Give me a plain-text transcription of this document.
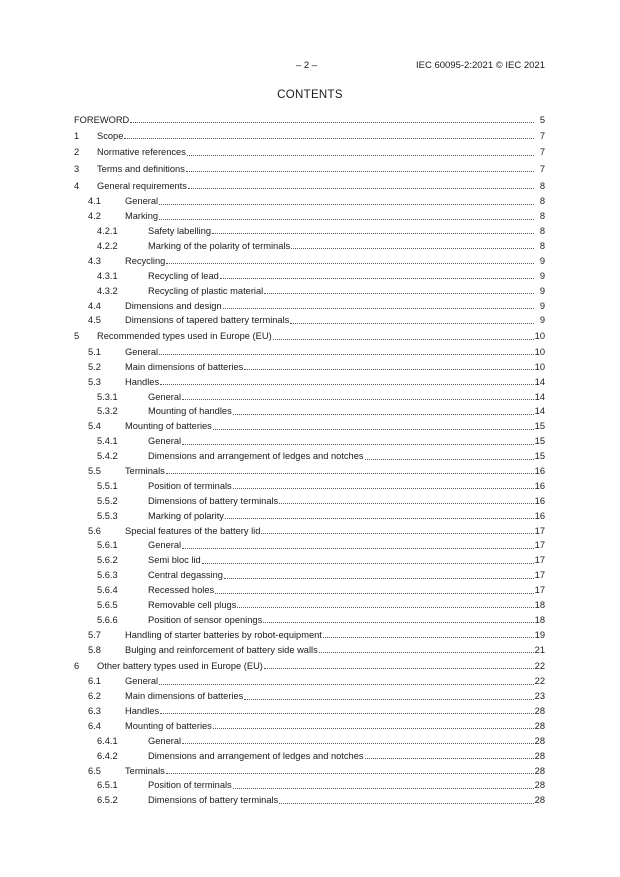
– 2 –	IEC 60095-2:2021 © IEC 2021
CONTENTS
FOREWORD	5
1	Scope	7
2	Normative references	7
3	Terms and definitions	7
4	General requirements	8
4.1	General	8
4.2	Marking	8
4.2.1	Safety labelling	8
4.2.2	Marking of the polarity of terminals	8
4.3	Recycling	9
4.3.1	Recycling of lead	9
4.3.2	Recycling of plastic material	9
4.4	Dimensions and design	9
4.5	Dimensions of tapered battery terminals	9
5	Recommended types used in Europe (EU)	10
5.1	General	10
5.2	Main dimensions of batteries	10
5.3	Handles	14
5.3.1	General	14
5.3.2	Mounting of handles	14
5.4	Mounting of batteries	15
5.4.1	General	15
5.4.2	Dimensions and arrangement of ledges and notches	15
5.5	Terminals	16
5.5.1	Position of terminals	16
5.5.2	Dimensions of battery terminals	16
5.5.3	Marking of polarity	16
5.6	Special features of the battery lid	17
5.6.1	General	17
5.6.2	Semi bloc lid	17
5.6.3	Central degassing	17
5.6.4	Recessed holes	17
5.6.5	Removable cell plugs	18
5.6.6	Position of sensor openings	18
5.7	Handling of starter batteries by robot-equipment	19
5.8	Bulging and reinforcement of battery side walls	21
6	Other battery types used in Europe (EU)	22
6.1	General	22
6.2	Main dimensions of batteries	23
6.3	Handles	28
6.4	Mounting of batteries	28
6.4.1	General	28
6.4.2	Dimensions and arrangement of ledges and notches	28
6.5	Terminals	28
6.5.1	Position of terminals	28
6.5.2	Dimensions of battery terminals	28
